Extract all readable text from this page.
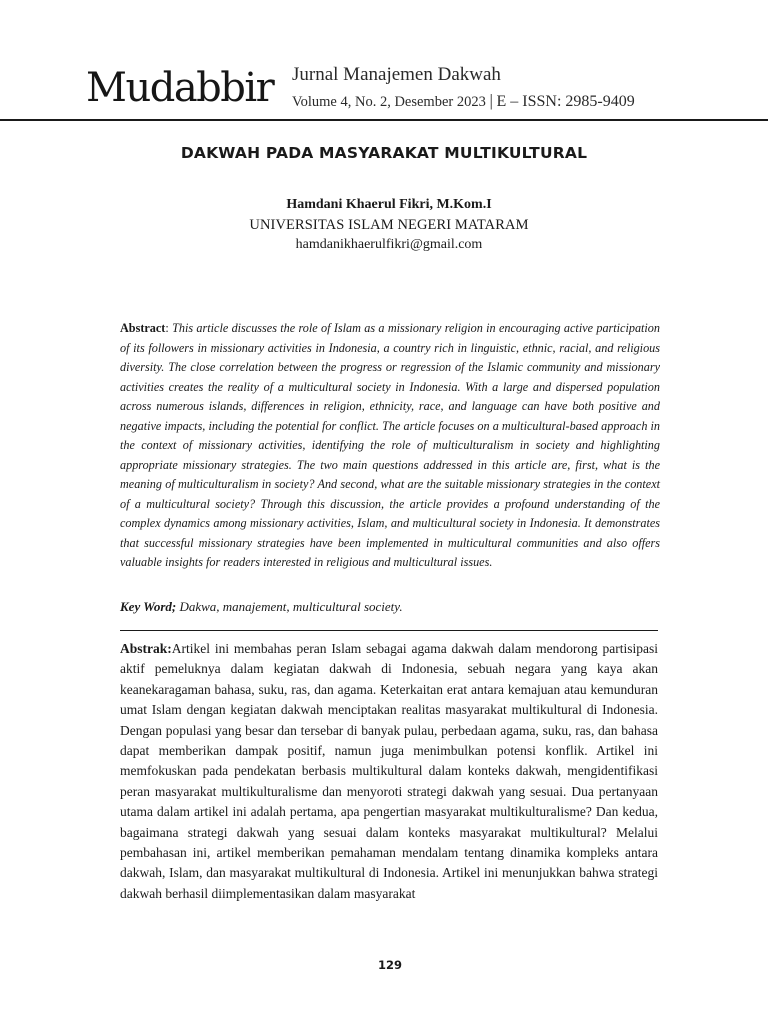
Mudabbir Jurnal Manajemen Dakwah
Volume 4, No. 2, Desember 2023 | E – ISSN: 2985-9409
DAKWAH PADA MASYARAKAT MULTIKULTURAL
Hamdani Khaerul Fikri, M.Kom.I
UNIVERSITAS ISLAM NEGERI MATARAM
hamdanikhaerulfikri@gmail.com
Abstract: This article discusses the role of Islam as a missionary religion in encouraging active participation of its followers in missionary activities in Indonesia, a country rich in linguistic, ethnic, racial, and religious diversity. The close correlation between the progress or regression of the Islamic community and missionary activities creates the reality of a multicultural society in Indonesia. With a large and dispersed population across numerous islands, differences in religion, ethnicity, race, and language can have both positive and negative impacts, including the potential for conflict. The article focuses on a multicultural-based approach in the context of missionary activities, identifying the role of multiculturalism in society and highlighting appropriate missionary strategies. The two main questions addressed in this article are, first, what is the meaning of multiculturalism in society? And second, what are the suitable missionary strategies in the context of a multicultural society? Through this discussion, the article provides a profound understanding of the complex dynamics among missionary activities, Islam, and multicultural society in Indonesia. It demonstrates that successful missionary strategies have been implemented in multicultural communities and also offers valuable insights for readers interested in religious and multicultural issues.
Key Word; Dakwa, manajement, multicultural society.
Abstrak:Artikel ini membahas peran Islam sebagai agama dakwah dalam mendorong partisipasi aktif pemeluknya dalam kegiatan dakwah di Indonesia, sebuah negara yang kaya akan keanekaragaman bahasa, suku, ras, dan agama. Keterkaitan erat antara kemajuan atau kemunduran umat Islam dengan kegiatan dakwah menciptakan realitas masyarakat multikultural di Indonesia. Dengan populasi yang besar dan tersebar di banyak pulau, perbedaan agama, suku, ras, dan bahasa dapat memberikan dampak positif, namun juga menimbulkan potensi konflik. Artikel ini memfokuskan pada pendekatan berbasis multikultural dalam konteks dakwah, mengidentifikasi peran masyarakat multikulturalisme dan menyoroti strategi dakwah yang sesuai. Dua pertanyaan utama dalam artikel ini adalah pertama, apa pengertian masyarakat multikulturalisme? Dan kedua, bagaimana strategi dakwah yang sesuai dalam konteks masyarakat multikultural? Melalui pembahasan ini, artikel memberikan pemahaman mendalam tentang dinamika kompleks antara dakwah, Islam, dan masyarakat multikultural di Indonesia. Artikel ini menunjukkan bahwa strategi dakwah berhasil diimplementasikan dalam masyarakat
129
